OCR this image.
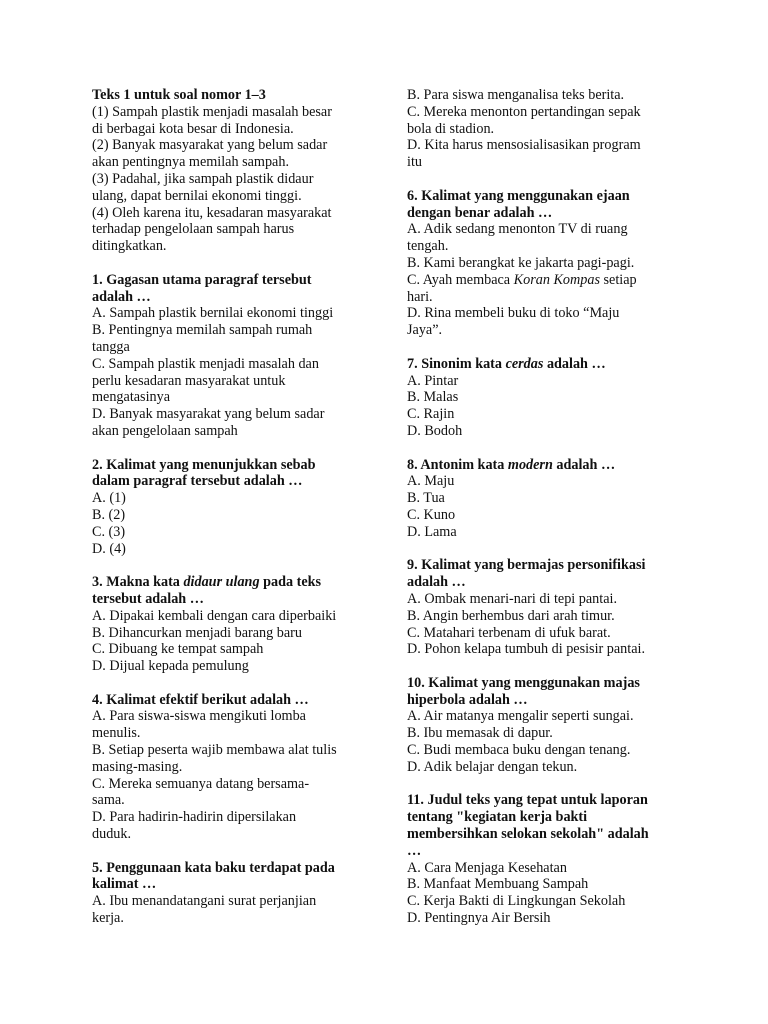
Teks 1 untuk soal nomor 1–3
(1) Sampah plastik menjadi masalah besar
di berbagai kota besar di Indonesia.
(2) Banyak masyarakat yang belum sadar
akan pentingnya memilah sampah.
(3) Padahal, jika sampah plastik didaur
ulang, dapat bernilai ekonomi tinggi.
(4) Oleh karena itu, kesadaran masyarakat
terhadap pengelolaan sampah harus
ditingkatkan.
1. Gagasan utama paragraf tersebut
adalah …
A. Sampah plastik bernilai ekonomi tinggi
B. Pentingnya memilah sampah rumah
tangga
C. Sampah plastik menjadi masalah dan
perlu kesadaran masyarakat untuk
mengatasinya
D. Banyak masyarakat yang belum sadar
akan pengelolaan sampah
2. Kalimat yang menunjukkan sebab
dalam paragraf tersebut adalah …
A. (1)
B. (2)
C. (3)
D. (4)
3. Makna kata didaur ulang pada teks
tersebut adalah …
A. Dipakai kembali dengan cara diperbaiki
B. Dihancurkan menjadi barang baru
C. Dibuang ke tempat sampah
D. Dijual kepada pemulung
4. Kalimat efektif berikut adalah …
A. Para siswa-siswa mengikuti lomba
menulis.
B. Setiap peserta wajib membawa alat tulis
masing-masing.
C. Mereka semuanya datang bersama-
sama.
D. Para hadirin-hadirin dipersilakan
duduk.
5. Penggunaan kata baku terdapat pada
kalimat …
A. Ibu menandatangani surat perjanjian
kerja.
B. Para siswa menganalisa teks berita.
C. Mereka menonton pertandingan sepak
bola di stadion.
D. Kita harus mensosialisasikan program
itu
6. Kalimat yang menggunakan ejaan
dengan benar adalah …
A. Adik sedang menonton TV di ruang
tengah.
B. Kami berangkat ke jakarta pagi-pagi.
C. Ayah membaca Koran Kompas setiap
hari.
D. Rina membeli buku di toko “Maju
Jaya”.
7. Sinonim kata cerdas adalah …
A. Pintar
B. Malas
C. Rajin
D. Bodoh
8. Antonim kata modern adalah …
A. Maju
B. Tua
C. Kuno
D. Lama
9. Kalimat yang bermajas personifikasi
adalah …
A. Ombak menari-nari di tepi pantai.
B. Angin berhembus dari arah timur.
C. Matahari terbenam di ufuk barat.
D. Pohon kelapa tumbuh di pesisir pantai.
10. Kalimat yang menggunakan majas
hiperbola adalah …
A. Air matanya mengalir seperti sungai.
B. Ibu memasak di dapur.
C. Budi membaca buku dengan tenang.
D. Adik belajar dengan tekun.
11. Judul teks yang tepat untuk laporan
tentang "kegiatan kerja bakti
membersihkan selokan sekolah" adalah
…
A. Cara Menjaga Kesehatan
B. Manfaat Membuang Sampah
C. Kerja Bakti di Lingkungan Sekolah
D. Pentingnya Air Bersih
